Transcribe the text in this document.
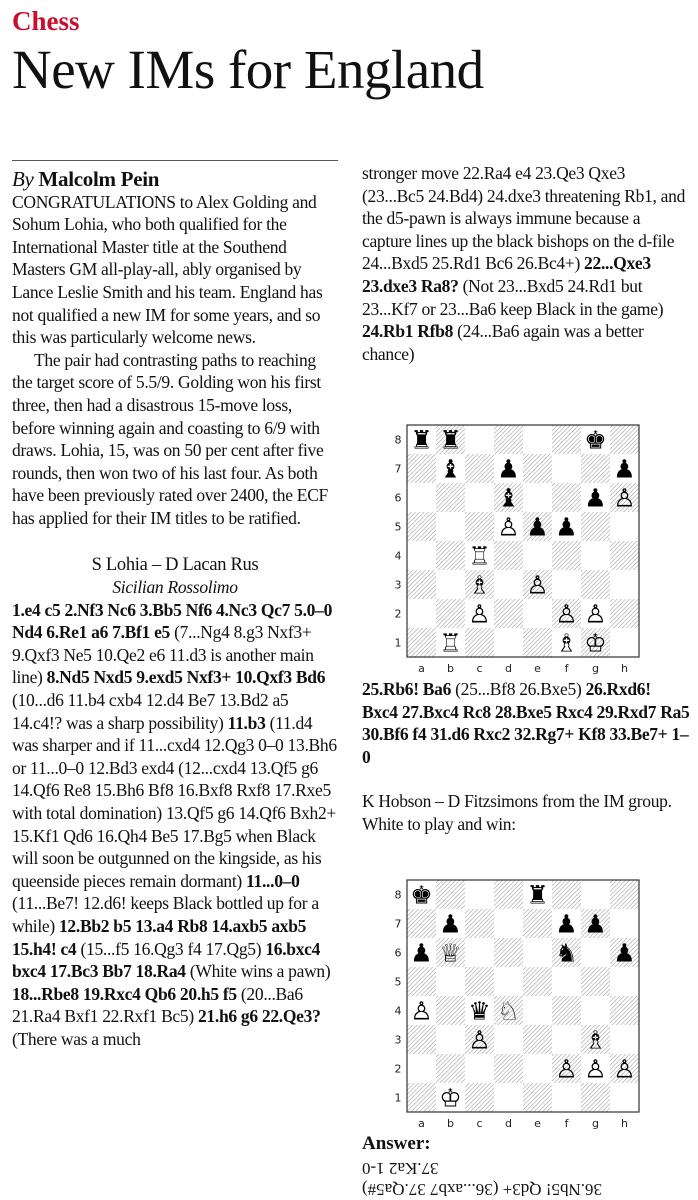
Chess
New IMs for England

By Malcolm Pein

CONGRATULATIONS to Alex Golding and Sohum Lohia, who both qualified for the International Master title at the Southend Masters GM all-play-all, ably organised by Lance Leslie Smith and his team. England has not qualified a new IM for some years, and so this was particularly welcome news.

The pair had contrasting paths to reaching the target score of 5.5/9. Golding won his first three, then had a disastrous 15-move loss, before winning again and coasting to 6/9 with draws. Lohia, 15, was on 50 per cent after five rounds, then won two of his last four. As both have been previously rated over 2400, the ECF has applied for their IM titles to be ratified.

S Lohia – D Lacan Rus

Sicilian Rossolimo

1.e4 c5 2.Nf3 Nc6 3.Bb5 Nf6 4.Nc3 Qc7 5.0–0 Nd4 6.Re1 a6 7.Bf1 e5 (7...Ng4 8.g3 Nxf3+ 9.Qxf3 Ne5 10.Qe2 e6 11.d3 is another main line) 8.Nd5 Nxd5 9.exd5 Nxf3+ 10.Qxf3 Bd6 (10...d6 11.b4 cxb4 12.d4 Be7 13.Bd2 a5 14.c4!? was a sharp possibility) 11.b3 (11.d4 was sharper and if 11...cxd4 12.Qg3 0–0 13.Bh6 or 11...0–0 12.Bd3 exd4 (12...cxd4 13.Qf5 g6 14.Qf6 Re8 15.Bh6 Bf8 16.Bxf8 Rxf8 17.Rxe5 with total domination) 13.Qf5 g6 14.Qf6 Bxh2+ 15.Kf1 Qd6 16.Qh4 Be5 17.Bg5 when Black will soon be outgunned on the kingside, as his queenside pieces remain dormant) 11...0–0 (11...Be7! 12.d6! keeps Black bottled up for a while) 12.Bb2 b5 13.a4 Rb8 14.axb5 axb5 15.h4! c4 (15...f5 16.Qg3 f4 17.Qg5) 16.bxc4 bxc4 17.Bc3 Bb7 18.Ra4 (White wins a pawn) 18...Rbe8 19.Rxc4 Qb6 20.h5 f5 (20...Ba6 21.Ra4 Bxf1 22.Rxf1 Bc5) 21.h6 g6 22.Qe3? (There was a much

stronger move 22.Ra4 e4 23.Qe3 Qxe3 (23...Bc5 24.Bd4) 24.dxe3 threatening Rb1, and the d5-pawn is always immune because a capture lines up the black bishops on the d-file 24...Bxd5 25.Rd1 Bc6 26.Bc4+) 22...Qxe3 23.dxe3 Ra8? (Not 23...Bxd5 24.Rd1 but 23...Kf7 or 23...Ba6 keep Black in the game) 24.Rb1 Rfb8 (24...Ba6 again was a better chance)

8
7
6
5
4
3
2
1
a b c d e f g h
♜ ♜	♚
♝ ♟	♟
♝	♟ ♙
♙ ♟ ♟
♖
♗ ♙
♙	♙ ♙
♖	♗ ♔

25.Rb6! Ba6 (25...Bf8 26.Bxe5) 26.Rxd6! Bxc4 27.Bxc4 Rc8 28.Bxe5 Rxc4 29.Rxd7 Ra5 30.Bf6 f4 31.d6 Rxc2 32.Rg7+ Kf8 33.Be7+ 1–0

K Hobson – D Fitzsimons from the IM group. White to play and win:

8
7
6
5
4
3
2
1
a b c d e f g h
♚	♜
♟	♟ ♟
♟ ♕	♞ ♟
♙ ♛ ♘
♙	♗
♙ ♙ ♙
♔
Answer:
36.Nb5! Qd3+ (36...axb7 37.Qa5#)
37.Ka2 1-0
